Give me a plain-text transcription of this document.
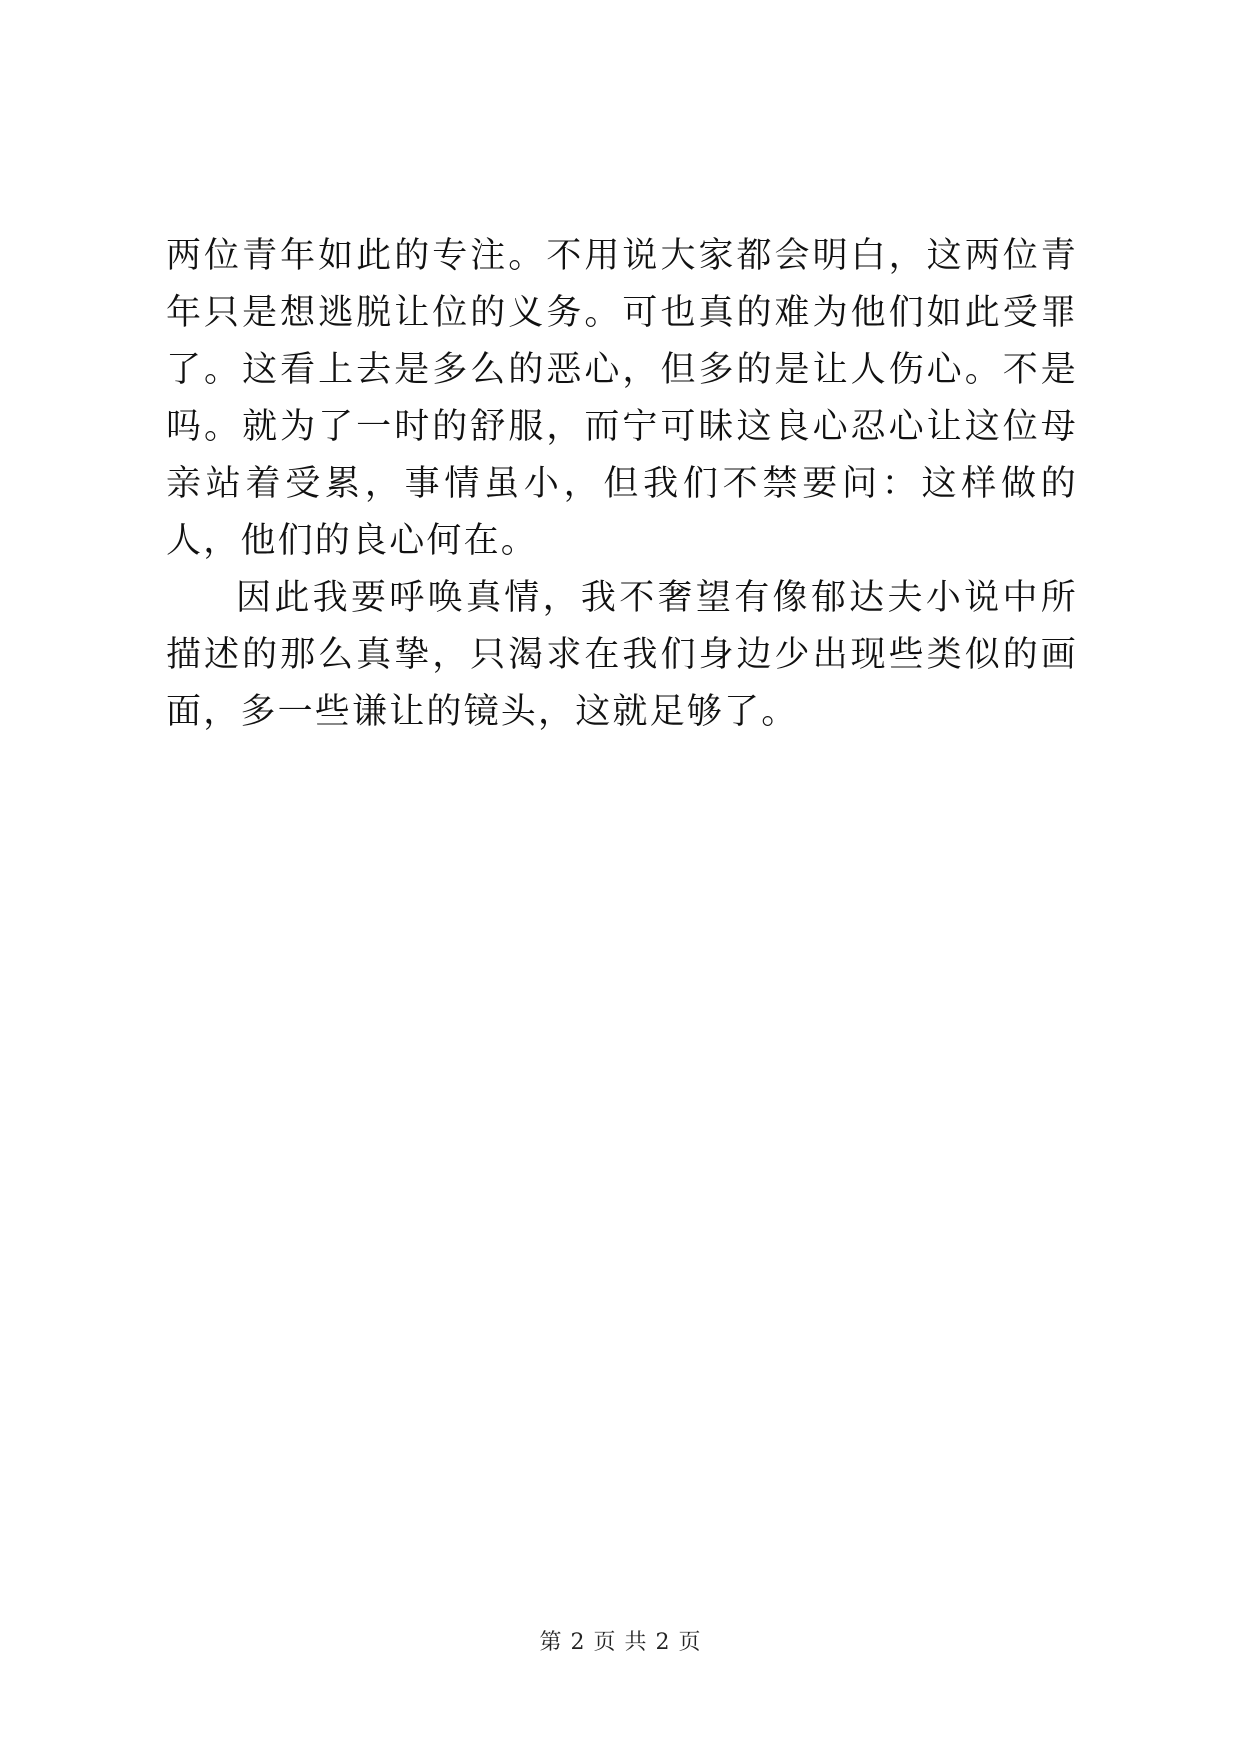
两位青年如此的专注。不用说大家都会明白，这两位青年只是想逃脱让位的义务。可也真的难为他们如此受罪了。这看上去是多么的恶心，但多的是让人伤心。不是吗。就为了一时的舒服，而宁可昧这良心忍心让这位母亲站着受累，事情虽小，但我们不禁要问：这样做的人，他们的良心何在。

因此我要呼唤真情，我不奢望有像郁达夫小说中所描述的那么真挚，只渴求在我们身边少出现些类似的画面，多一些谦让的镜头，这就足够了。

第 2 页 共 2 页
